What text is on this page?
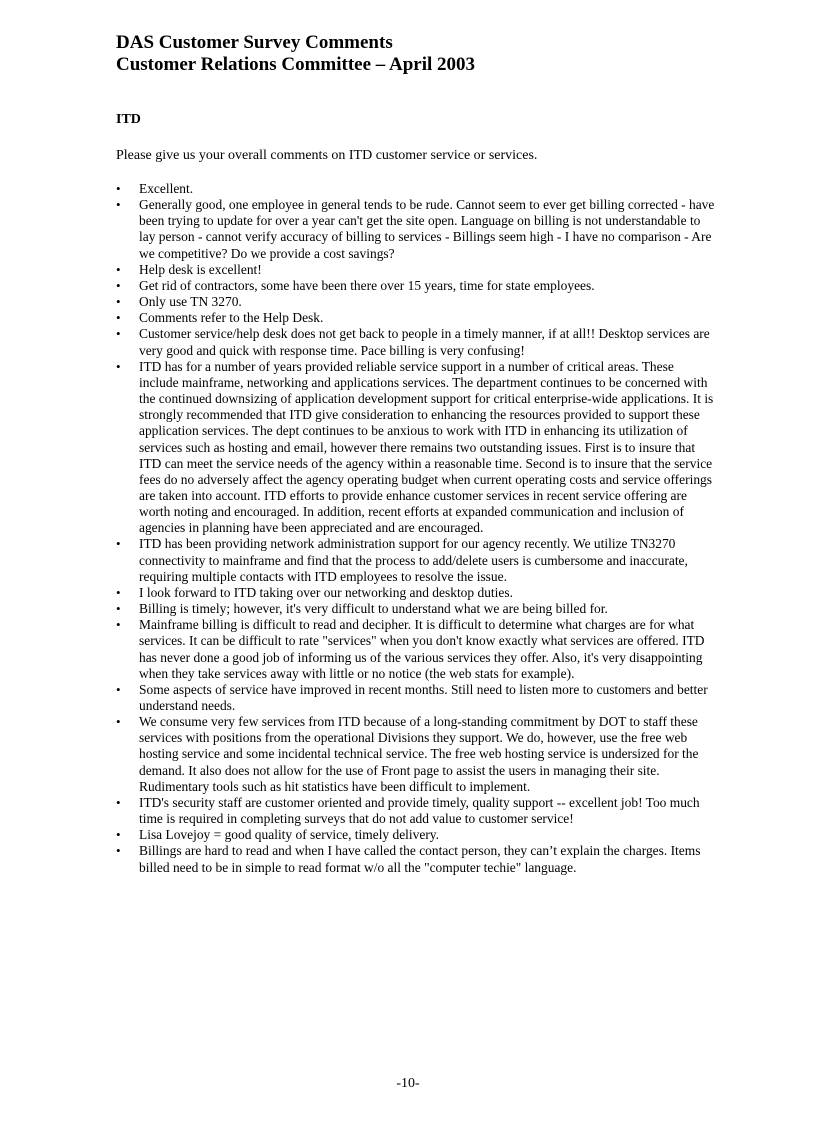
DAS Customer Survey Comments

Customer Relations Committee – April 2003

ITD

Please give us your overall comments on ITD customer service or services.

• Excellent.
• Generally good, one employee in general tends to be rude. Cannot seem to ever get billing corrected - have been trying to update for over a year can't get the site open. Language on billing is not understandable to lay person - cannot verify accuracy of billing to services - Billings seem high - I have no comparison - Are we competitive? Do we provide a cost savings?
• Help desk is excellent!
• Get rid of contractors, some have been there over 15 years, time for state employees.
• Only use TN 3270.
• Comments refer to the Help Desk.
• Customer service/help desk does not get back to people in a timely manner, if at all!! Desktop services are very good and quick with response time. Pace billing is very confusing!
• ITD has for a number of years provided reliable service support in a number of critical areas. These include mainframe, networking and applications services. The department continues to be concerned with the continued downsizing of application development support for critical enterprise-wide applications. It is strongly recommended that ITD give consideration to enhancing the resources provided to support these application services. The dept continues to be anxious to work with ITD in enhancing its utilization of services such as hosting and email, however there remains two outstanding issues. First is to insure that ITD can meet the service needs of the agency within a reasonable time. Second is to insure that the service fees do no adversely affect the agency operating budget when current operating costs and service offerings are taken into account. ITD efforts to provide enhance customer services in recent service offering are worth noting and encouraged. In addition, recent efforts at expanded communication and inclusion of agencies in planning have been appreciated and are encouraged.
• ITD has been providing network administration support for our agency recently. We utilize TN3270 connectivity to mainframe and find that the process to add/delete users is cumbersome and inaccurate, requiring multiple contacts with ITD employees to resolve the issue.
• I look forward to ITD taking over our networking and desktop duties.
• Billing is timely; however, it's very difficult to understand what we are being billed for.
• Mainframe billing is difficult to read and decipher. It is difficult to determine what charges are for what services. It can be difficult to rate "services" when you don't know exactly what services are offered. ITD has never done a good job of informing us of the various services they offer. Also, it's very disappointing when they take services away with little or no notice (the web stats for example).
• Some aspects of service have improved in recent months. Still need to listen more to customers and better understand needs.
• We consume very few services from ITD because of a long-standing commitment by DOT to staff these services with positions from the operational Divisions they support. We do, however, use the free web hosting service and some incidental technical service. The free web hosting service is undersized for the demand. It also does not allow for the use of Front page to assist the users in managing their site. Rudimentary tools such as hit statistics have been difficult to implement.
• ITD's security staff are customer oriented and provide timely, quality support -- excellent job! Too much time is required in completing surveys that do not add value to customer service!
• Lisa Lovejoy = good quality of service, timely delivery.
• Billings are hard to read and when I have called the contact person, they can’t explain the charges. Items billed need to be in simple to read format w/o all the "computer techie" language.

-10-
